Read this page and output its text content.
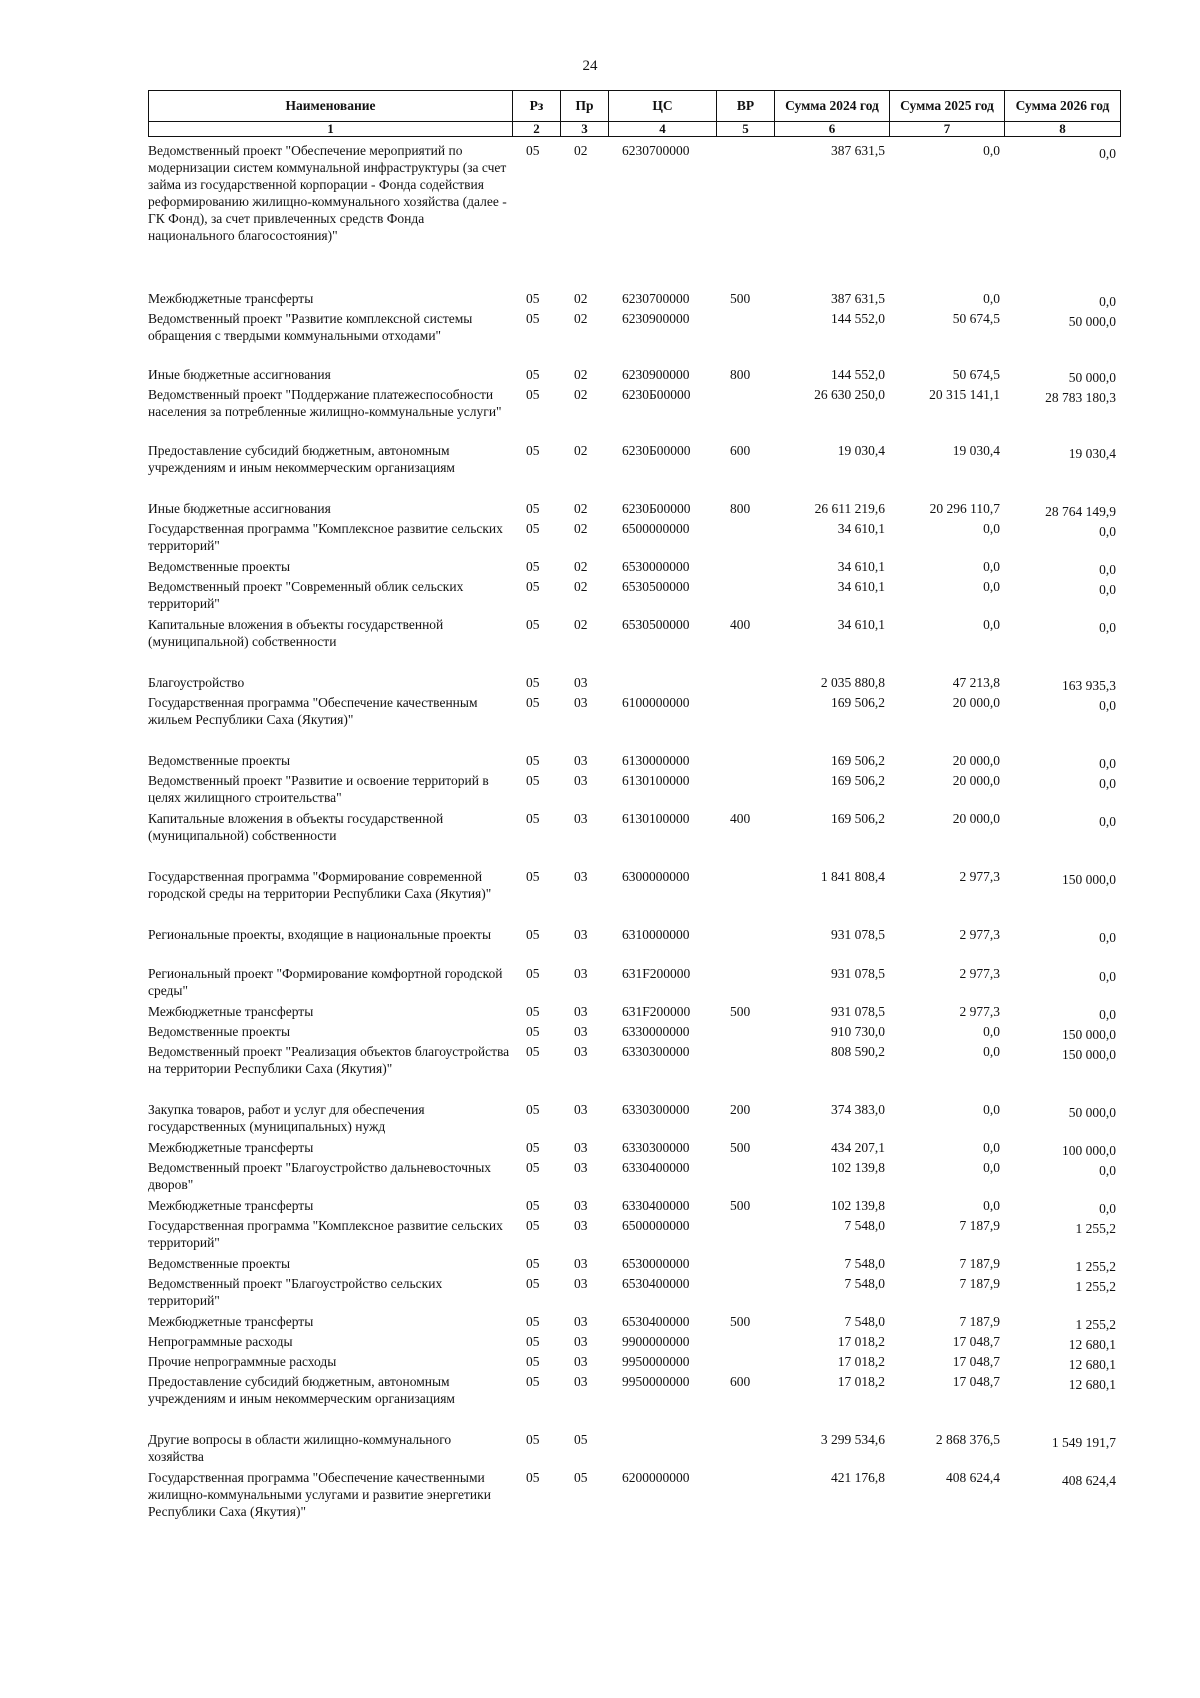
24
Наименование	Рз	Пр	ЦС	ВР	Сумма 2024 год	Сумма 2025 год	Сумма 2026 год
1	2	3	4	5	6	7	8
Ведомственный проект "Обеспечение мероприятий по модернизации систем коммунальной инфраструктуры (за счет займа из государственной корпорации - Фонда содействия реформированию жилищно-коммунального хозяйства (далее - ГК Фонд), за счет привлеченных средств Фонда национального благосостояния)"	05	02	6230700000		387 631,5	0,0	0,0
Межбюджетные трансферты	05	02	6230700000	500	387 631,5	0,0	0,0
Ведомственный проект "Развитие комплексной системы обращения с твердыми коммунальными отходами"	05	02	6230900000		144 552,0	50 674,5	50 000,0
Иные бюджетные ассигнования	05	02	6230900000	800	144 552,0	50 674,5	50 000,0
Ведомственный проект "Поддержание платежеспособности населения за потребленные жилищно-коммунальные услуги"	05	02	6230Б00000		26 630 250,0	20 315 141,1	28 783 180,3
Предоставление субсидий бюджетным, автономным учреждениям и иным некоммерческим организациям	05	02	6230Б00000	600	19 030,4	19 030,4	19 030,4
Иные бюджетные ассигнования	05	02	6230Б00000	800	26 611 219,6	20 296 110,7	28 764 149,9
Государственная программа "Комплексное развитие сельских территорий"	05	02	6500000000		34 610,1	0,0	0,0
Ведомственные проекты	05	02	6530000000		34 610,1	0,0	0,0
Ведомственный проект "Современный облик сельских территорий"	05	02	6530500000		34 610,1	0,0	0,0
Капитальные вложения в объекты государственной (муниципальной) собственности	05	02	6530500000	400	34 610,1	0,0	0,0
Благоустройство	05	03			2 035 880,8	47 213,8	163 935,3
Государственная программа "Обеспечение качественным жильем Республики Саха (Якутия)"	05	03	6100000000		169 506,2	20 000,0	0,0
Ведомственные проекты	05	03	6130000000		169 506,2	20 000,0	0,0
Ведомственный проект "Развитие и освоение территорий в целях жилищного строительства"	05	03	6130100000		169 506,2	20 000,0	0,0
Капитальные вложения в объекты государственной (муниципальной) собственности	05	03	6130100000	400	169 506,2	20 000,0	0,0
Государственная программа "Формирование современной городской среды на территории Республики Саха (Якутия)"	05	03	6300000000		1 841 808,4	2 977,3	150 000,0
Региональные проекты, входящие в национальные проекты	05	03	6310000000		931 078,5	2 977,3	0,0
Региональный проект "Формирование комфортной городской среды"	05	03	631F200000		931 078,5	2 977,3	0,0
Межбюджетные трансферты	05	03	631F200000	500	931 078,5	2 977,3	0,0
Ведомственные проекты	05	03	6330000000		910 730,0	0,0	150 000,0
Ведомственный проект "Реализация объектов благоустройства на территории Республики Саха (Якутия)"	05	03	6330300000		808 590,2	0,0	150 000,0
Закупка товаров, работ и услуг для обеспечения государственных (муниципальных) нужд	05	03	6330300000	200	374 383,0	0,0	50 000,0
Межбюджетные трансферты	05	03	6330300000	500	434 207,1	0,0	100 000,0
Ведомственный проект "Благоустройство дальневосточных дворов"	05	03	6330400000		102 139,8	0,0	0,0
Межбюджетные трансферты	05	03	6330400000	500	102 139,8	0,0	0,0
Государственная программа "Комплексное развитие сельских территорий"	05	03	6500000000		7 548,0	7 187,9	1 255,2
Ведомственные проекты	05	03	6530000000		7 548,0	7 187,9	1 255,2
Ведомственный проект "Благоустройство сельских территорий"	05	03	6530400000		7 548,0	7 187,9	1 255,2
Межбюджетные трансферты	05	03	6530400000	500	7 548,0	7 187,9	1 255,2
Непрограммные расходы	05	03	9900000000		17 018,2	17 048,7	12 680,1
Прочие непрограммные расходы	05	03	9950000000		17 018,2	17 048,7	12 680,1
Предоставление субсидий бюджетным, автономным учреждениям и иным некоммерческим организациям	05	03	9950000000	600	17 018,2	17 048,7	12 680,1
Другие вопросы в области жилищно-коммунального хозяйства	05	05			3 299 534,6	2 868 376,5	1 549 191,7
Государственная программа "Обеспечение качественными жилищно-коммунальными услугами и развитие энергетики Республики Саха (Якутия)"	05	05	6200000000		421 176,8	408 624,4	408 624,4
